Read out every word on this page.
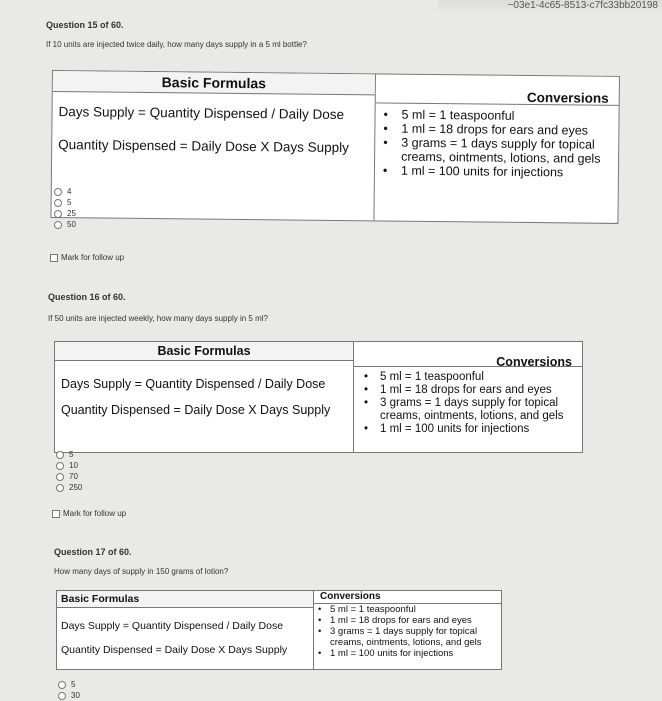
~03e1-4c65-8513-c7fc33bb20198
Question 15 of 60.
If 10 units are injected twice daily, how many days supply in a 5 ml bottle?
Basic Formulas
Days Supply = Quantity Dispensed / Daily Dose
Quantity Dispensed = Daily Dose X Days Supply
Conversions
• 5 ml = 1 teaspoonful
• 1 ml = 18 drops for ears and eyes
• 3 grams = 1 days supply for topical creams, ointments, lotions, and gels
• 1 ml = 100 units for injections
4
5
25
50
Mark for follow up
Question 16 of 60.
If 50 units are injected weekly, how many days supply in 5 ml?
Basic Formulas
Days Supply = Quantity Dispensed / Daily Dose
Quantity Dispensed = Daily Dose X Days Supply
Conversions
• 5 ml = 1 teaspoonful
• 1 ml = 18 drops for ears and eyes
• 3 grams = 1 days supply for topical creams, ointments, lotions, and gels
• 1 ml = 100 units for injections
5
10
70
250
Mark for follow up
Question 17 of 60.
How many days of supply in 150 grams of lotion?
Basic Formulas
Days Supply = Quantity Dispensed / Daily Dose
Quantity Dispensed = Daily Dose X Days Supply
Conversions
• 5 ml = 1 teaspoonful
• 1 ml = 18 drops for ears and eyes
• 3 grams = 1 days supply for topical creams, ointments, lotions, and gels
• 1 ml = 100 units for injections
5
30
